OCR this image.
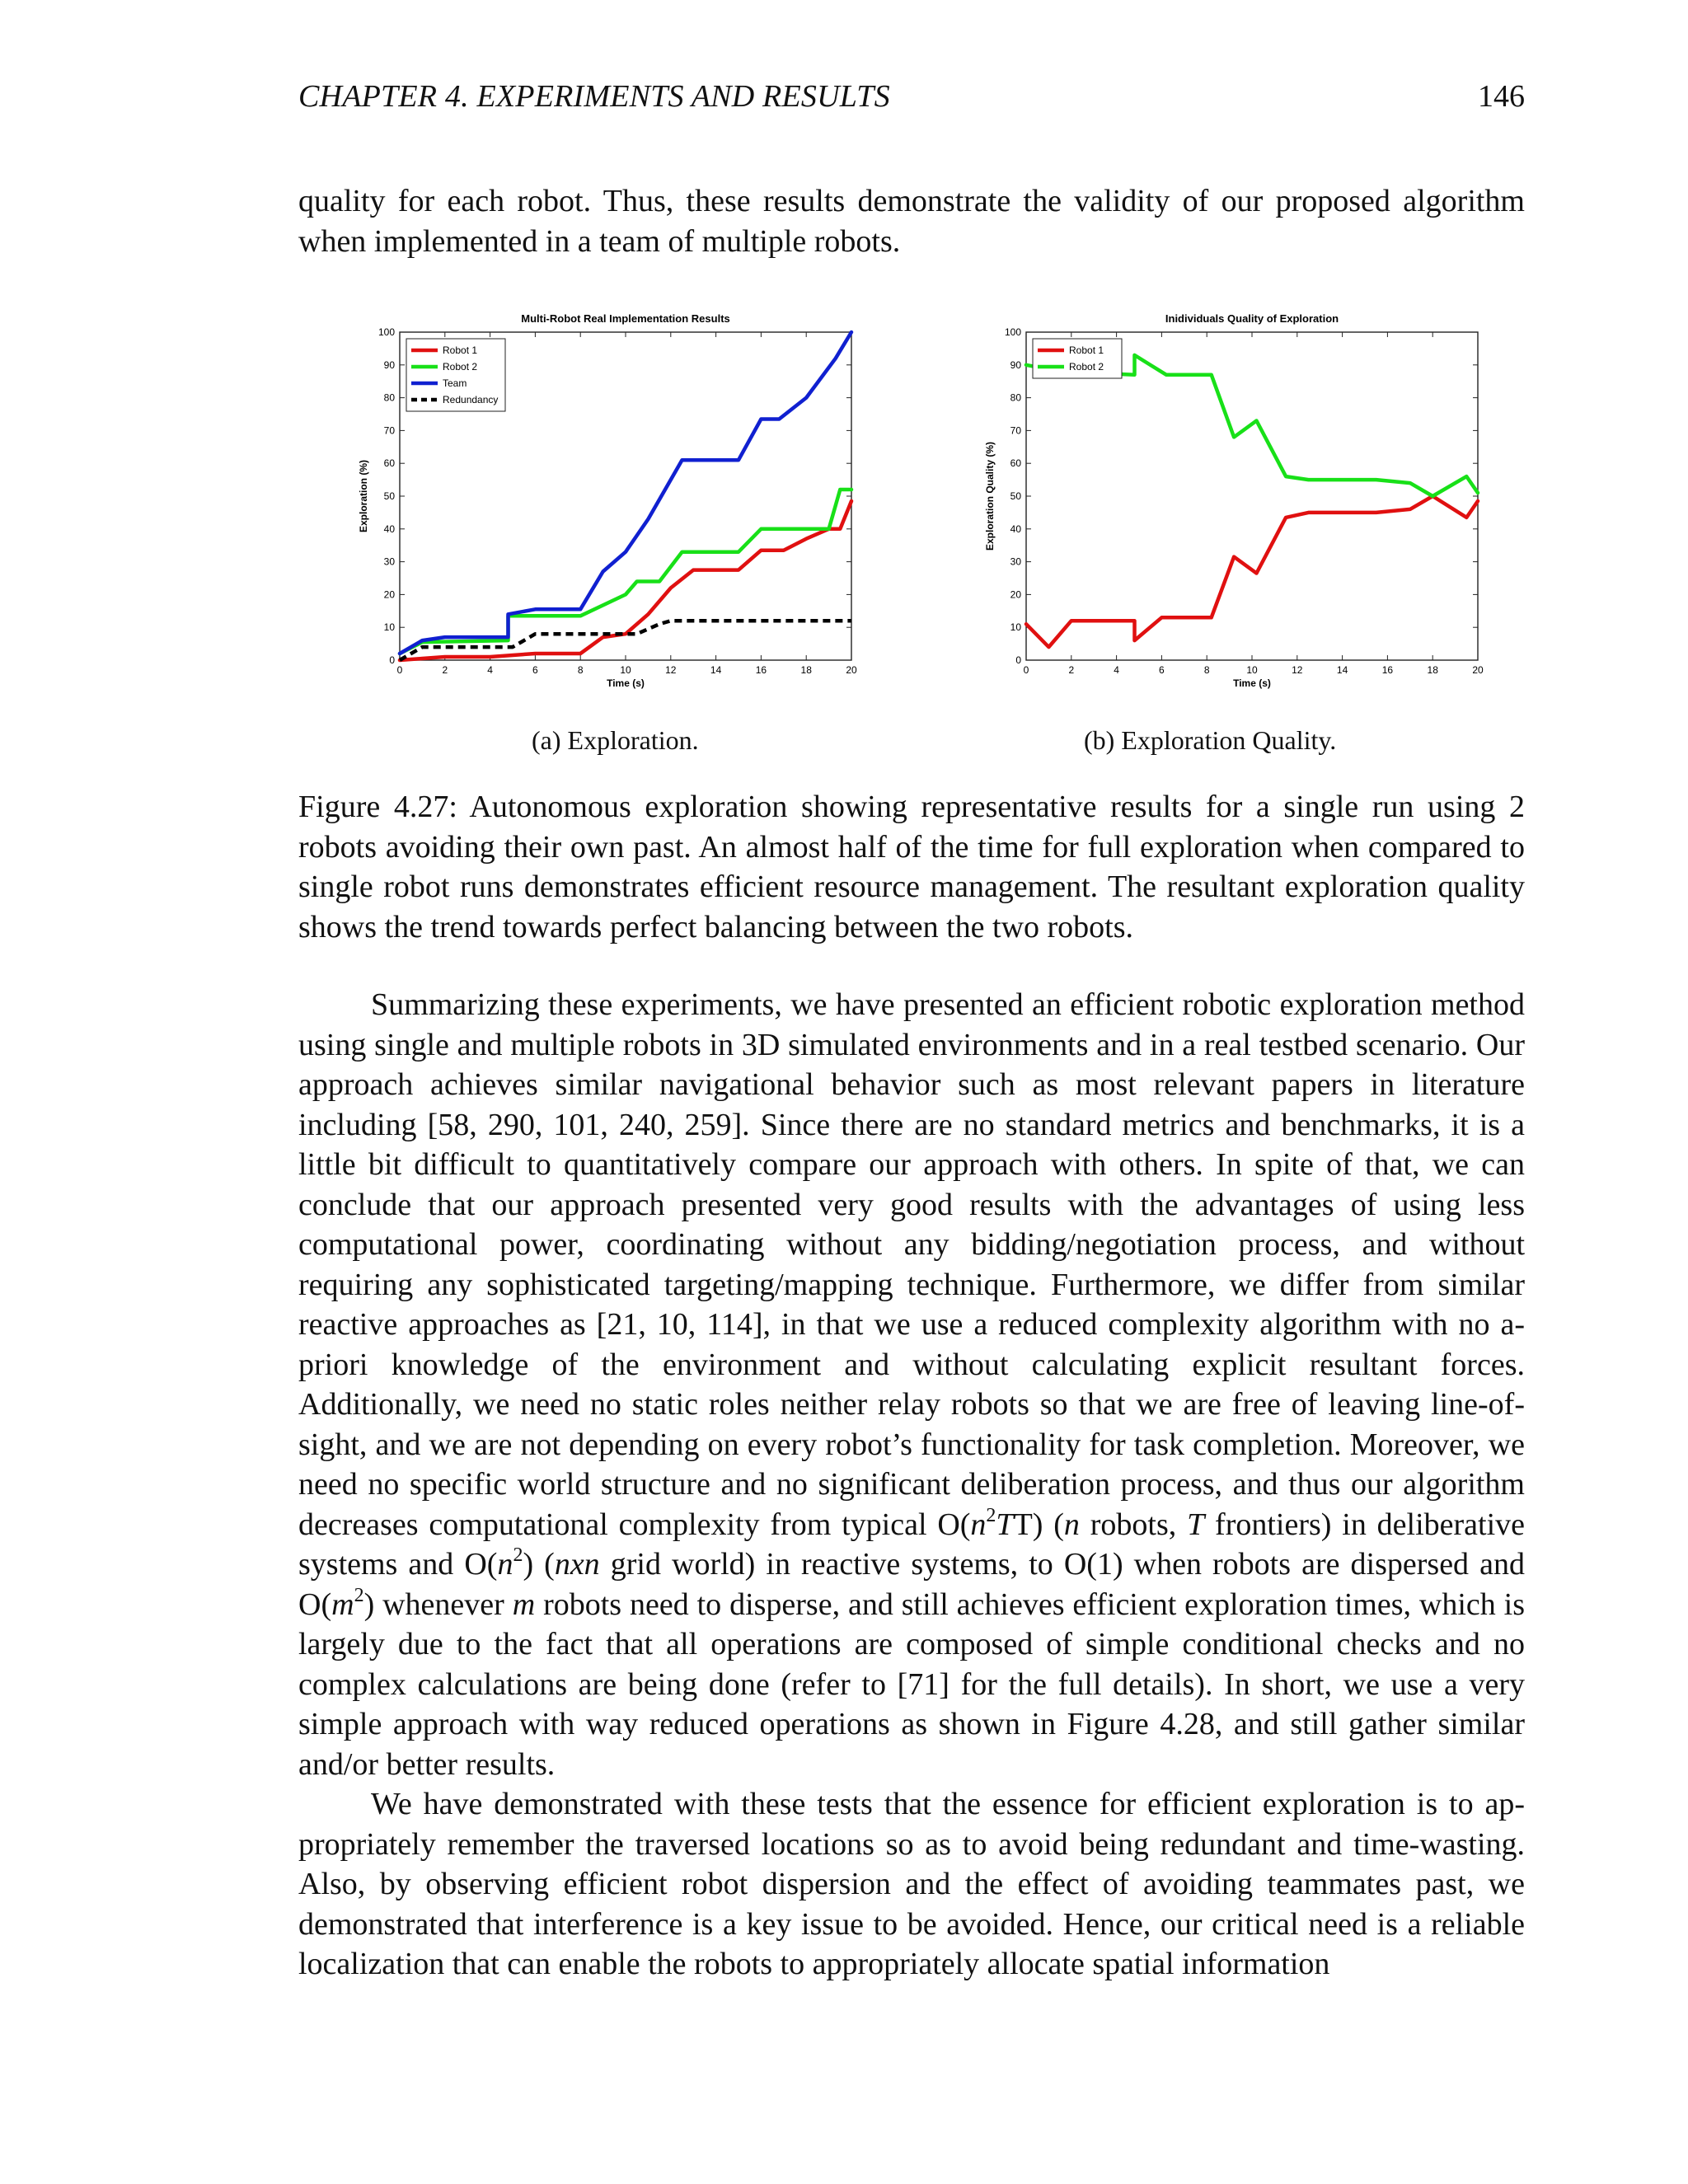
CHAPTER 4. EXPERIMENTS AND RESULTS	146
quality for each robot. Thus, these results demonstrate the validity of our proposed algorithm when implemented in a team of multiple robots.
Multi-Robot Real Implementation Results
0	2	4	6	8	10	12	14	16	18	20
0
10
20
30
40
50
60
70
80
90
100
Time (s)
Exploration (%)
Robot 1
Robot 2
Team
Redundancy
Inidividuals Quality of Exploration
0	2	4	6	8	10	12	14	16	18	20
0
10
20
30
40
50
60
70
80
90
100
Time (s)
Exploration Quality (%)
Robot 1
Robot 2
(a) Exploration.	(b) Exploration Quality.
Figure 4.27: Autonomous exploration showing representative results for a single run using 2 robots avoiding their own past. An almost half of the time for full exploration when compared to single robot runs demonstrates efficient resource management. The resultant exploration quality shows the trend towards perfect balancing between the two robots.

Summarizing these experiments, we have presented an efficient robotic exploration method using single and multiple robots in 3D simulated environments and in a real testbed scenario. Our approach achieves similar navigational behavior such as most relevant papers in literature including [58, 290, 101, 240, 259]. Since there are no standard metrics and benchmarks, it is a little bit difficult to quantitatively compare our approach with others. In spite of that, we can conclude that our approach presented very good results with the advantages of using less computational power, coordinating without any bidding/negotiation process, and without requiring any sophisticated targeting/mapping technique. Furthermore, we differ from similar reactive approaches as [21, 10, 114], in that we use a reduced complexity algorithm with no a-priori knowledge of the environment and without calculating explicit resultant forces. Additionally, we need no static roles neither relay robots so that we are free of leaving line-of-sight, and we are not depending on every robot’s functionality for task completion. Moreover, we need no specific world structure and no significant deliberation process, and thus our algorithm decreases computational complexity from typical $O(n^2TT)$ (n robots, T frontiers) in deliberative systems and $O(n^2)$ (nxn grid world) in reactive systems, to O(1) when robots are dispersed and $O(m^2)$ whenever m robots need to disperse, and still achieves efficient exploration times, which is largely due to the fact that all operations are composed of simple conditional checks and no complex calculations are being done (refer to [71] for the full details). In short, we use a very simple approach with way reduced operations as shown in Figure 4.28, and still gather similar and/or better results.

We have demonstrated with these tests that the essence for efficient exploration is to appropriately remember the traversed locations so as to avoid being redundant and time-wasting. Also, by observing efficient robot dispersion and the effect of avoiding teammates past, we demonstrated that interference is a key issue to be avoided. Hence, our critical need is a reliable localization that can enable the robots to appropriately allocate spatial information
